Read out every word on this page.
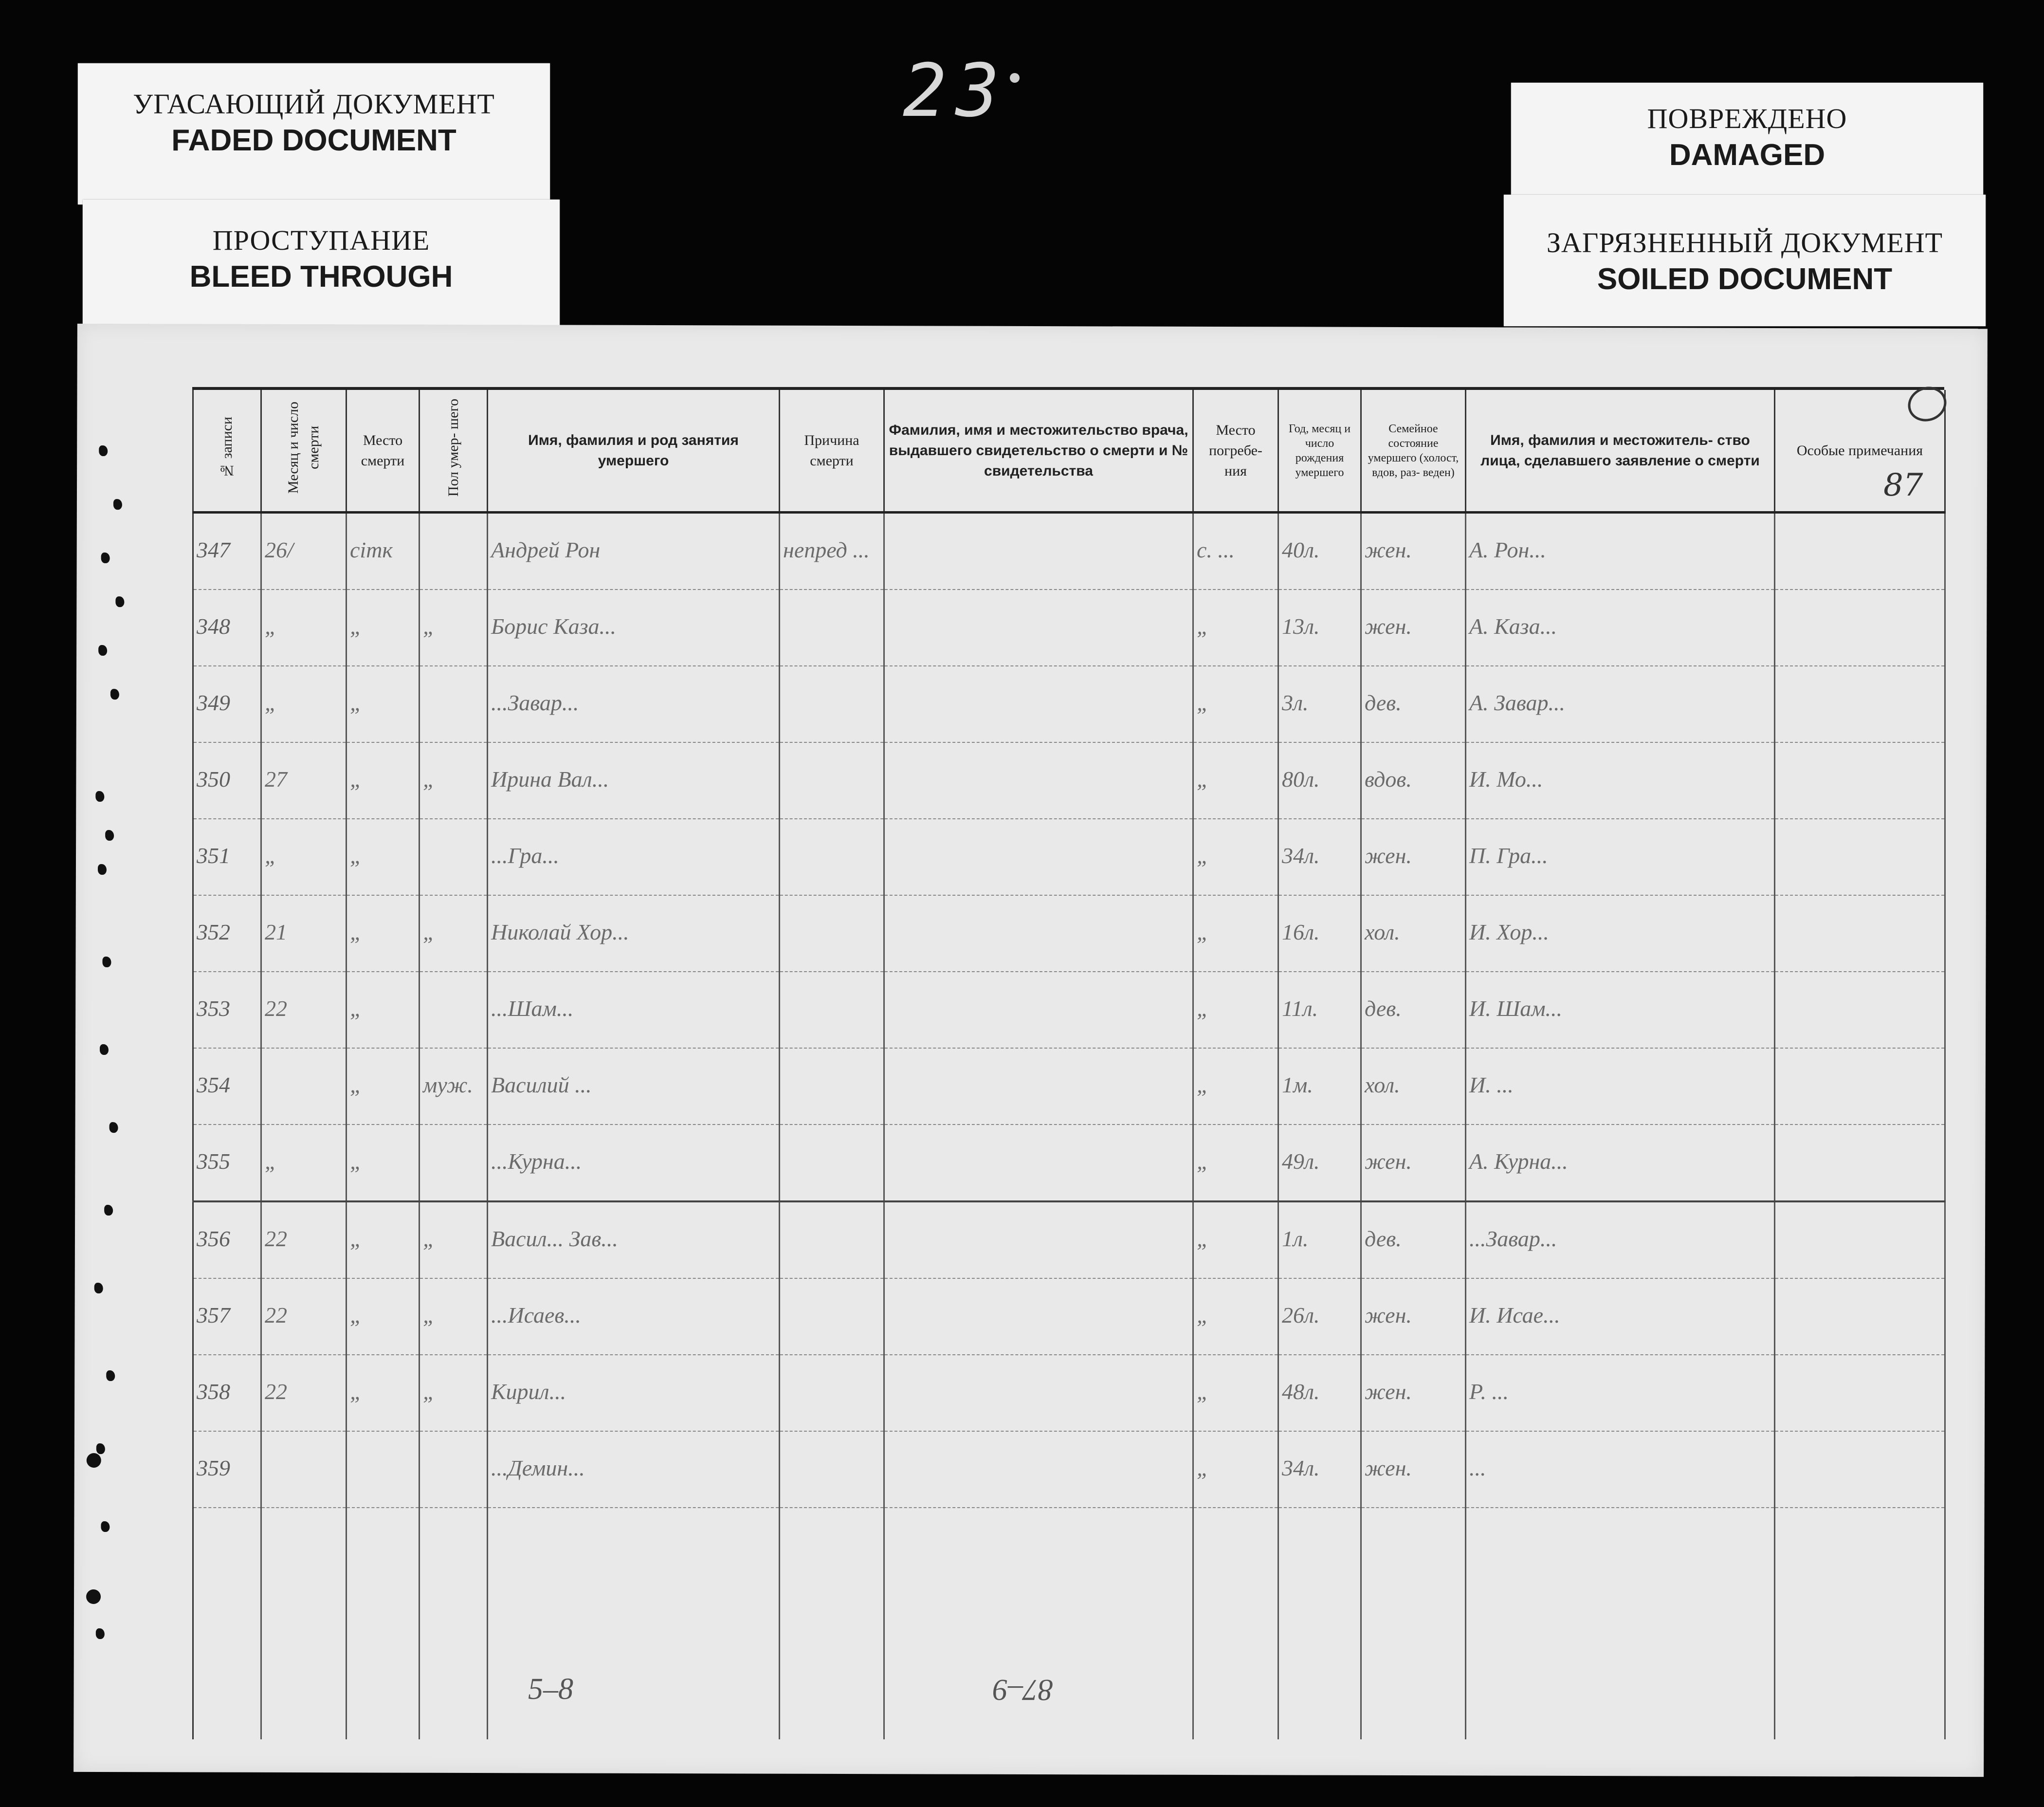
23
УГАСАЮЩИЙ ДОКУМЕНТ
FADED DOCUMENT
ПРОСТУПАНИЕ
BLEED THROUGH
ПОВРЕЖДЕНО
DAMAGED
ЗАГРЯЗНЕННЫЙ ДОКУМЕНТ
SOILED DOCUMENT
№ записи	Месяц и число смерти	Место смерти	Пол умер- шего	Имя, фамилия и род занятия умершего	Причина смерти	Фамилия, имя и местожительство врача, выдавшего свидетельство о смерти и № свидетельства	Место погребе- ния	Год, месяц и число рождения умершего	Семейное состояние умершего (холост, вдов, раз- веден)	Имя, фамилия и местожитель- ство лица, сделавшего заявление о смерти	Особые примечания

347	26/	сiтк		Андрей Рон	непред ...		с. ...	40л.	жен.	А. Рон...	

348	„	„	„	Борис Каза...			„	13л.	жен.	А. Каза...	

349	„	„		...Завар...			„	3л.	дев.	А. Завар...	

350	27	„	„	Ирина Вал...			„	80л.	вдов.	И. Мо...	

351	„	„		...Гра...			„	34л.	жен.	П. Гра...	

352	21	„	„	Николай Хор...			„	16л.	хол.	И. Хор...	

353	22	„		...Шам...			„	11л.	дев.	И. Шам...	

354		„	муж.	Василий ...			„	1м.	хол.	И. ...	

355	„	„		...Курна...			„	49л.	жен.	А. Курна...	

356	22	„	„	Васил... Зав...			„	1л.	дев.	...Завар...	

357	22	„	„	...Исаев...			„	26л.	жен.	И. Исае...	

358	22	„	„	Кирил...			„	48л.	жен.	Р. ...	

359				...Демин...			„	34л.	жен.	...	

87
5–8	87–9
